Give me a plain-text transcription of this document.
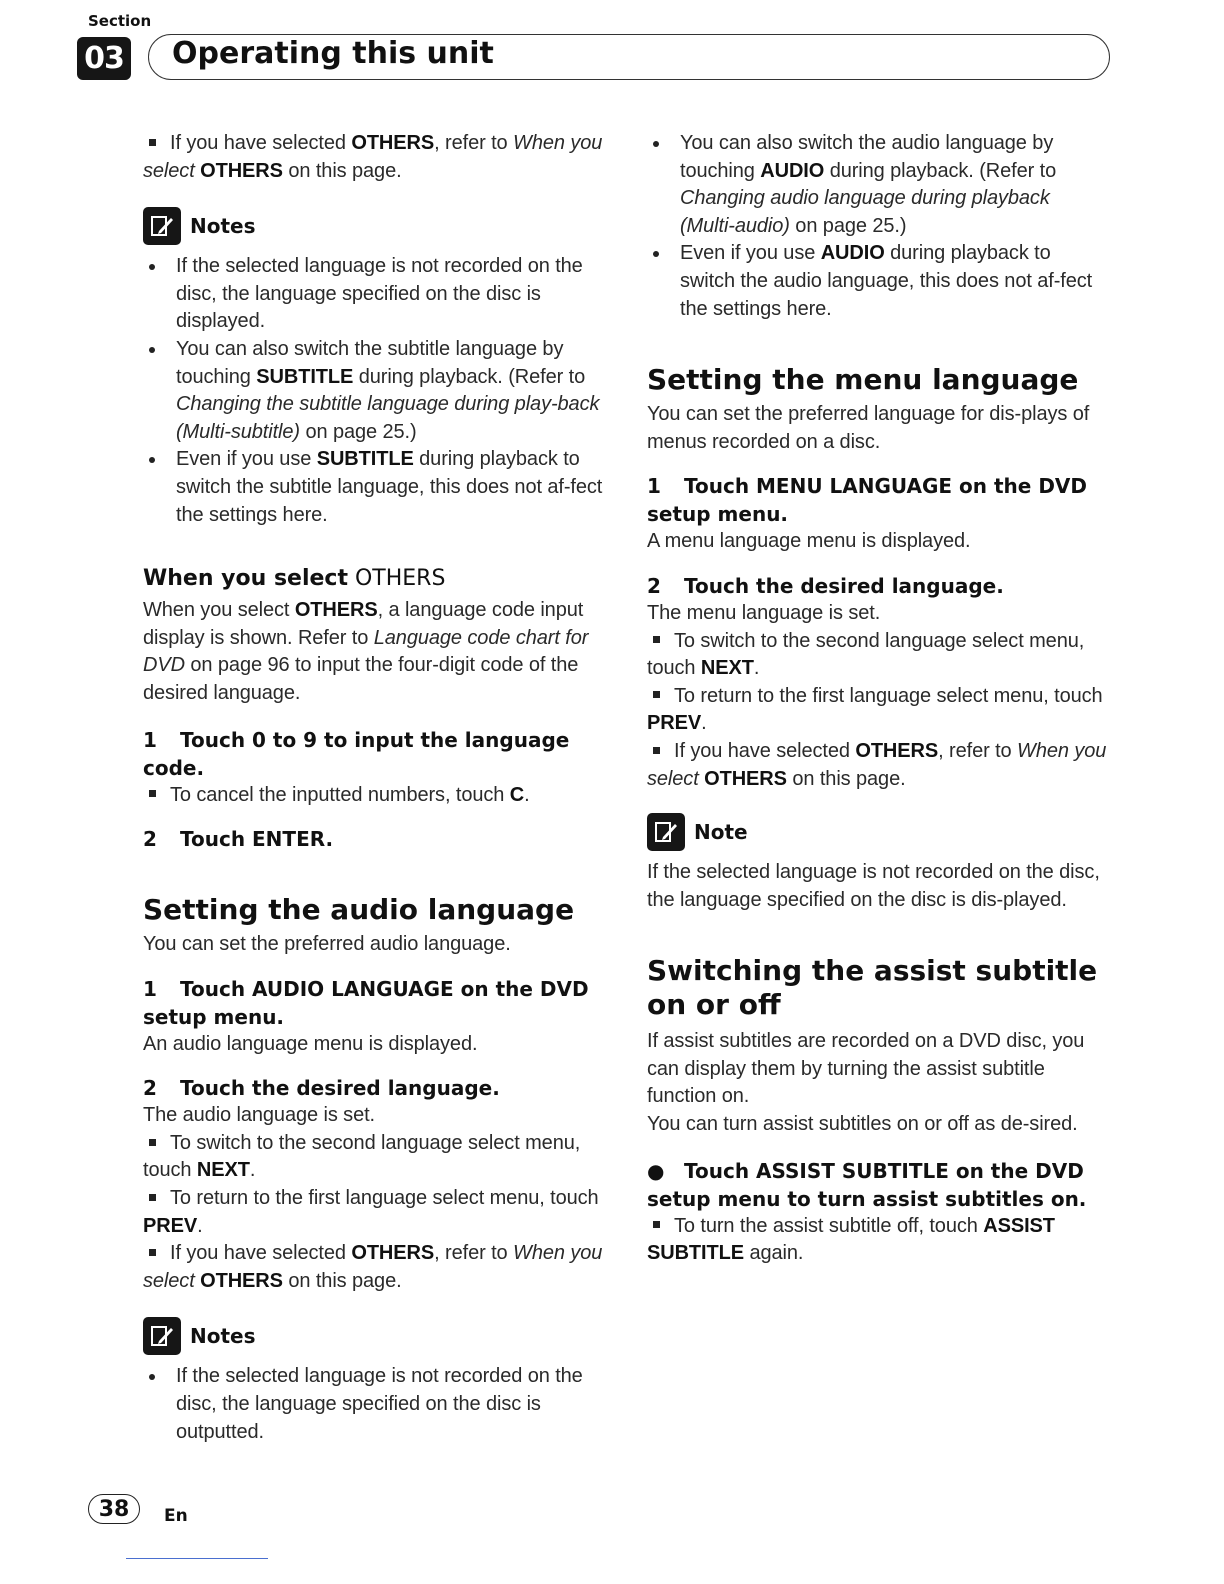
Section
03 Operating this unit

If you have selected OTHERS, refer to When you select OTHERS on this page.

Notes
If the selected language is not recorded on the disc, the language specified on the disc is displayed.
You can also switch the subtitle language by touching SUBTITLE during playback. (Refer to Changing the subtitle language during play-back (Multi-subtitle) on page 25.)
Even if you use SUBTITLE during playback to switch the subtitle language, this does not af-fect the settings here.

When you select OTHERS

When you select OTHERS, a language code input display is shown. Refer to Language code chart for DVD on page 96 to input the four-digit code of the desired language.

1 Touch 0 to 9 to input the language code.

To cancel the inputted numbers, touch C.

2 Touch ENTER.

Setting the audio language

You can set the preferred audio language.

1 Touch AUDIO LANGUAGE on the DVD setup menu.

An audio language menu is displayed.

2 Touch the desired language.

The audio language is set.

To switch to the second language select menu, touch NEXT.

To return to the first language select menu, touch PREV.

If you have selected OTHERS, refer to When you select OTHERS on this page.

Notes
If the selected language is not recorded on the disc, the language specified on the disc is outputted.
You can also switch the audio language by touching AUDIO during playback. (Refer to Changing audio language during playback (Multi-audio) on page 25.)
Even if you use AUDIO during playback to switch the audio language, this does not af-fect the settings here.

Setting the menu language

You can set the preferred language for dis-plays of menus recorded on a disc.

1 Touch MENU LANGUAGE on the DVD setup menu.

A menu language menu is displayed.

2 Touch the desired language.

The menu language is set.

To switch to the second language select menu, touch NEXT.

To return to the first language select menu, touch PREV.

If you have selected OTHERS, refer to When you select OTHERS on this page.

Note

If the selected language is not recorded on the disc, the language specified on the disc is dis-played.

Switching the assist subtitle on or off

If assist subtitles are recorded on a DVD disc, you can display them by turning the assist subtitle function on.

You can turn assist subtitles on or off as de-sired.

● Touch ASSIST SUBTITLE on the DVD setup menu to turn assist subtitles on.

To turn the assist subtitle off, touch ASSIST SUBTITLE again.

38	En
